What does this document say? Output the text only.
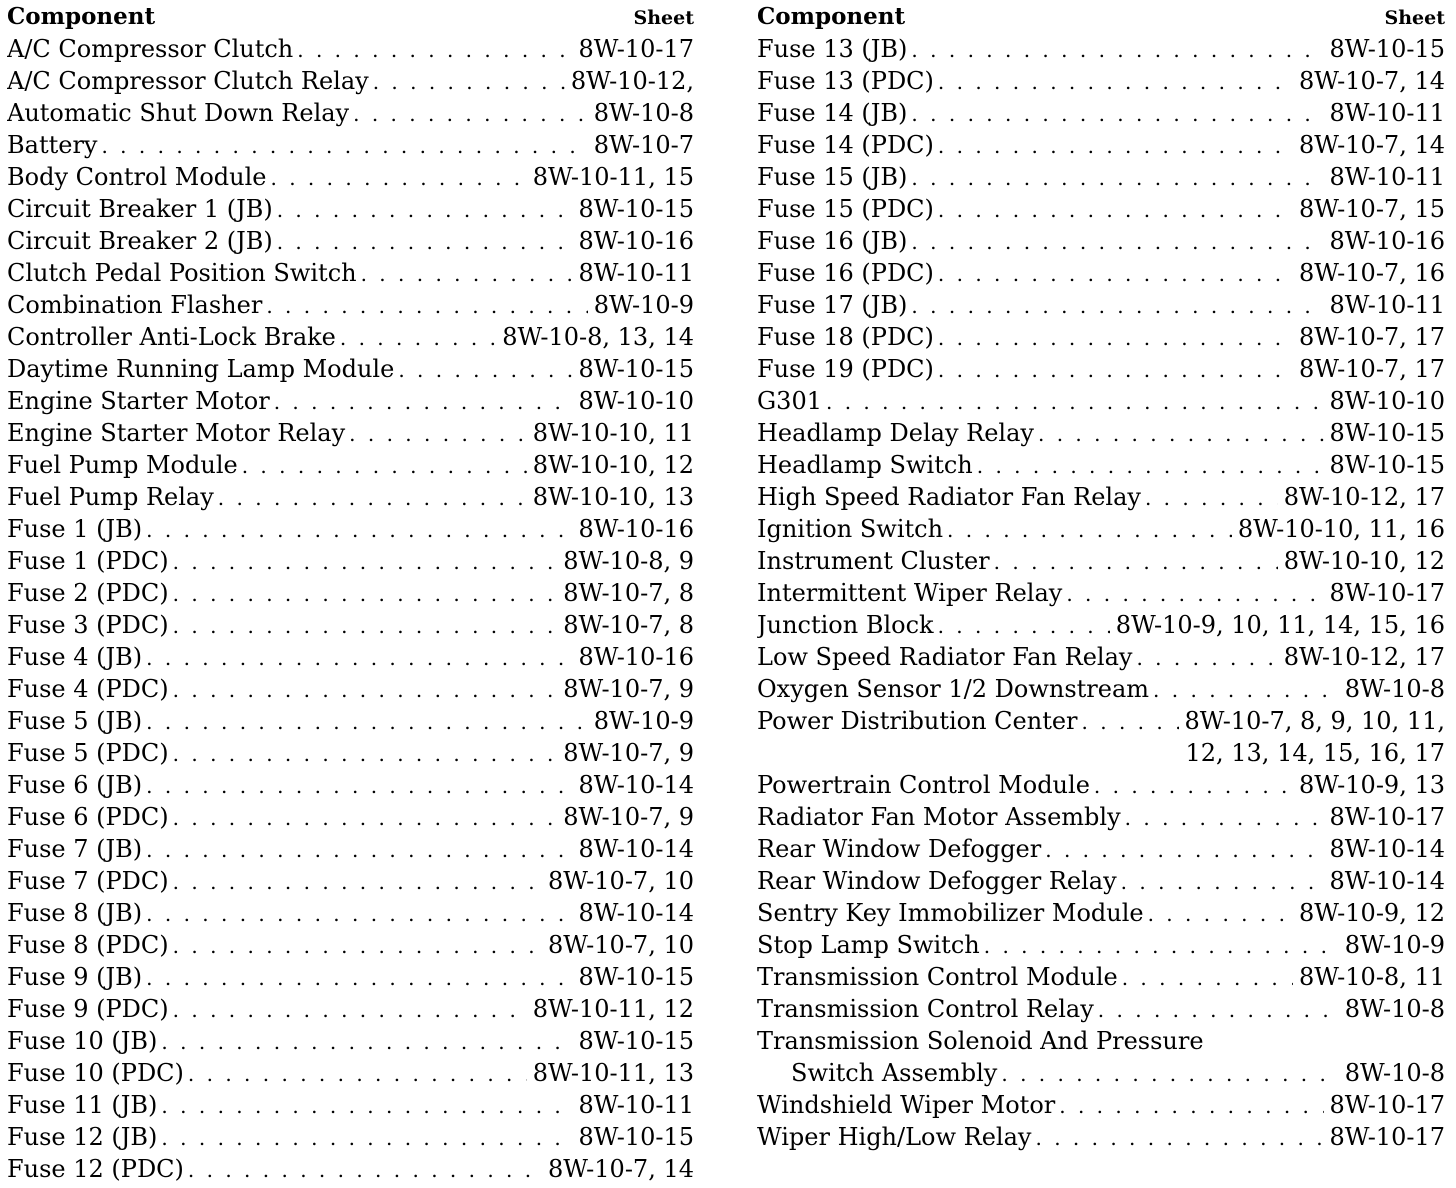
Component	Sheet
A/C Compressor Clutch . . .	8W-10-17
A/C Compressor Clutch Relay . . .	8W-10-12,
Automatic Shut Down Relay . . .	8W-10-8
Battery . . .	8W-10-7
Body Control Module . . .	8W-10-11, 15
Circuit Breaker 1 (JB) . . .	8W-10-15
Circuit Breaker 2 (JB) . . .	8W-10-16
Clutch Pedal Position Switch . . .	8W-10-11
Combination Flasher . . .	8W-10-9
Controller Anti-Lock Brake . . .	8W-10-8, 13, 14
Daytime Running Lamp Module . . .	8W-10-15
Engine Starter Motor . . .	8W-10-10
Engine Starter Motor Relay . . .	8W-10-10, 11
Fuel Pump Module . . .	8W-10-10, 12
Fuel Pump Relay . . .	8W-10-10, 13
Fuse 1 (JB) . . .	8W-10-16
Fuse 1 (PDC) . . .	8W-10-8, 9
Fuse 2 (PDC) . . .	8W-10-7, 8
Fuse 3 (PDC) . . .	8W-10-7, 8
Fuse 4 (JB) . . .	8W-10-16
Fuse 4 (PDC) . . .	8W-10-7, 9
Fuse 5 (JB) . . .	8W-10-9
Fuse 5 (PDC) . . .	8W-10-7, 9
Fuse 6 (JB) . . .	8W-10-14
Fuse 6 (PDC) . . .	8W-10-7, 9
Fuse 7 (JB) . . .	8W-10-14
Fuse 7 (PDC) . . .	8W-10-7, 10
Fuse 8 (JB) . . .	8W-10-14
Fuse 8 (PDC) . . .	8W-10-7, 10
Fuse 9 (JB) . . .	8W-10-15
Fuse 9 (PDC) . . .	8W-10-11, 12
Fuse 10 (JB) . . .	8W-10-15
Fuse 10 (PDC) . . .	8W-10-11, 13
Fuse 11 (JB) . . .	8W-10-11
Fuse 12 (JB) . . .	8W-10-15
Fuse 12 (PDC) . . .	8W-10-7, 14
Component	Sheet
Fuse 13 (JB) . . .	8W-10-15
Fuse 13 (PDC) . . .	8W-10-7, 14
Fuse 14 (JB) . . .	8W-10-11
Fuse 14 (PDC) . . .	8W-10-7, 14
Fuse 15 (JB) . . .	8W-10-11
Fuse 15 (PDC) . . .	8W-10-7, 15
Fuse 16 (JB) . . .	8W-10-16
Fuse 16 (PDC) . . .	8W-10-7, 16
Fuse 17 (JB) . . .	8W-10-11
Fuse 18 (PDC) . . .	8W-10-7, 17
Fuse 19 (PDC) . . .	8W-10-7, 17
G301 . . .	8W-10-10
Headlamp Delay Relay . . .	8W-10-15
Headlamp Switch . . .	8W-10-15
High Speed Radiator Fan Relay . . .	8W-10-12, 17
Ignition Switch . . .	8W-10-10, 11, 16
Instrument Cluster . . .	8W-10-10, 12
Intermittent Wiper Relay . . .	8W-10-17
Junction Block . . .	8W-10-9, 10, 11, 14, 15, 16
Low Speed Radiator Fan Relay . . .	8W-10-12, 17
Oxygen Sensor 1/2 Downstream . . .	8W-10-8
Power Distribution Center . . .	8W-10-7, 8, 9, 10, 11,
12, 13, 14, 15, 16, 17
Powertrain Control Module . . .	8W-10-9, 13
Radiator Fan Motor Assembly . . .	8W-10-17
Rear Window Defogger . . .	8W-10-14
Rear Window Defogger Relay . . .	8W-10-14
Sentry Key Immobilizer Module . . .	8W-10-9, 12
Stop Lamp Switch . . .	8W-10-9
Transmission Control Module . . .	8W-10-8, 11
Transmission Control Relay . . .	8W-10-8
Transmission Solenoid And Pressure
Switch Assembly . . .	8W-10-8
Windshield Wiper Motor . . .	8W-10-17
Wiper High/Low Relay . . .	8W-10-17
